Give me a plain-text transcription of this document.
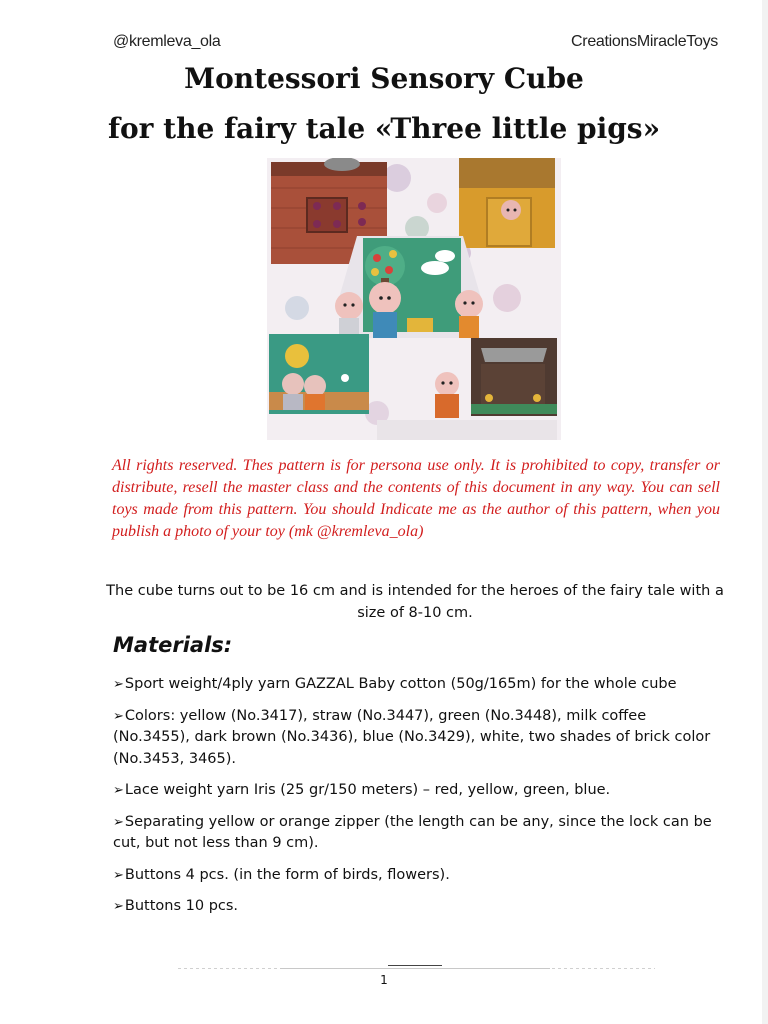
@kremleva_ola	CreationsMiracleToys
Montessori Sensory Cube
for the fairy tale «Three little pigs»

All rights reserved. Thes pattern is for persona use only. It is prohibited to copy, transfer or distribute, resell the master class and the contents of this document in any way. You can sell toys made from this pattern. You should Indicate me as the author of this pattern, when you publish a photo of your toy (mk @kremleva_ola)

The cube turns out to be 16 cm and is intended for the heroes of the fairy tale with a size of 8-10 cm.

Materials:
➢Sport weight/4ply yarn GAZZAL Baby cotton (50g/165m) for the whole cube
➢Colors: yellow (No.3417), straw (No.3447), green (No.3448), milk coffee (No.3455), dark brown (No.3436), blue (No.3429), white, two shades of brick color (No.3453, 3465).
➢Lace weight yarn Iris (25 gr/150 meters) – red, yellow, green, blue.
➢Separating yellow or orange zipper (the length can be any, since the lock can be cut, but not less than 9 cm).
➢Buttons 4 pcs. (in the form of birds, flowers).
➢Buttons 10 pcs.
1
